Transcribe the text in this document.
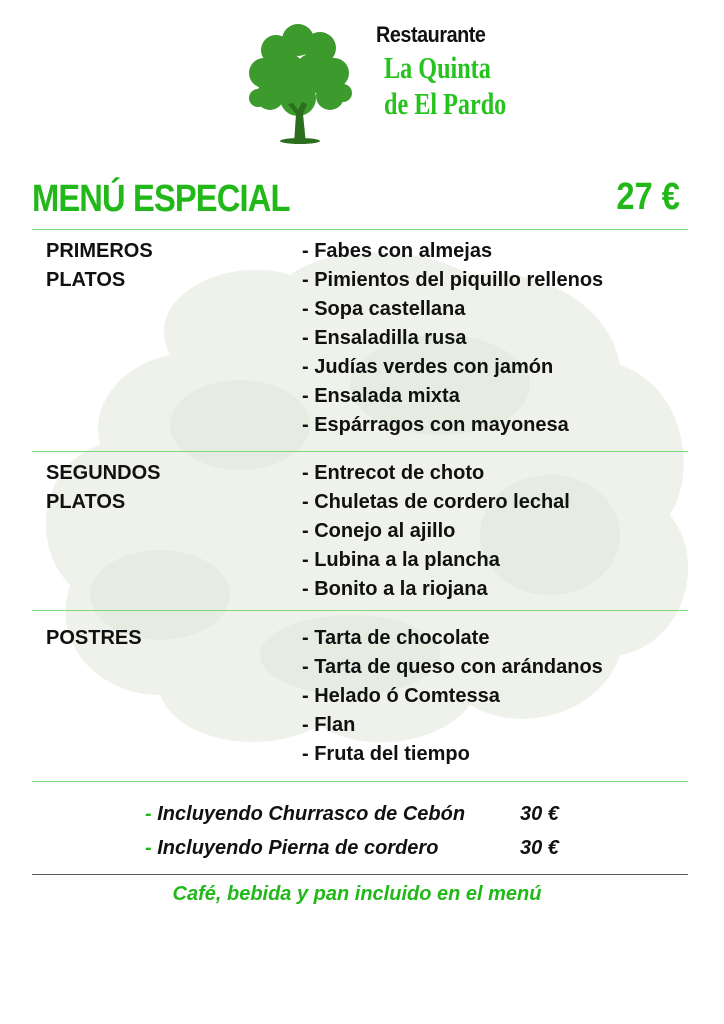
Restaurante
La Quinta
de El Pardo
MENÚ ESPECIAL	27 €
PRIMEROS PLATOS
- Fabes con almejas
- Pimientos del piquillo rellenos
- Sopa castellana
- Ensaladilla rusa
- Judías verdes con jamón
- Ensalada mixta
- Espárragos con mayonesa
SEGUNDOS PLATOS
- Entrecot de choto
- Chuletas de cordero lechal
- Conejo al ajillo
- Lubina a la plancha
- Bonito a la riojana
POSTRES	- Tarta de chocolate
- Tarta de queso con arándanos
- Helado ó Comtessa
- Flan
- Fruta del tiempo
- Incluyendo Churrasco de Cebón	30 €
- Incluyendo Pierna de cordero	30 €
Café, bebida y pan incluido en el menú
